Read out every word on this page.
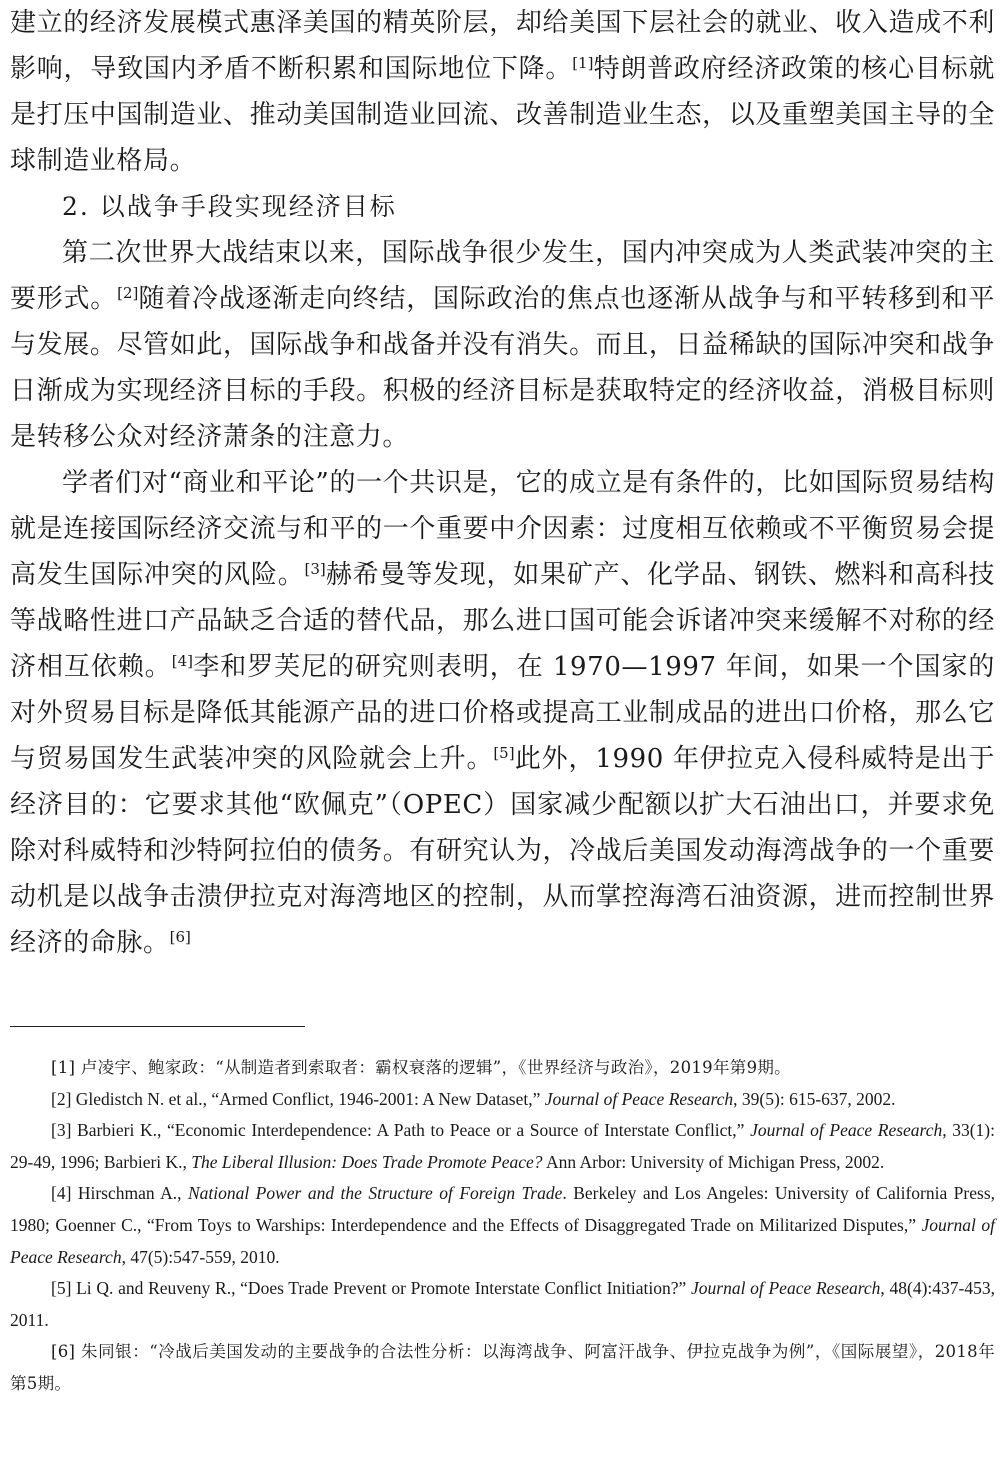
建立的经济发展模式惠泽美国的精英阶层，却给美国下层社会的就业、收入造成不利影响，导致国内矛盾不断积累和国际地位下降。[1]特朗普政府经济政策的核心目标就是打压中国制造业、推动美国制造业回流、改善制造业生态，以及重塑美国主导的全球制造业格局。

2. 以战争手段实现经济目标

第二次世界大战结束以来，国际战争很少发生，国内冲突成为人类武装冲突的主要形式。[2]随着冷战逐渐走向终结，国际政治的焦点也逐渐从战争与和平转移到和平与发展。尽管如此，国际战争和战备并没有消失。而且，日益稀缺的国际冲突和战争日渐成为实现经济目标的手段。积极的经济目标是获取特定的经济收益，消极目标则是转移公众对经济萧条的注意力。

学者们对“商业和平论”的一个共识是，它的成立是有条件的，比如国际贸易结构就是连接国际经济交流与和平的一个重要中介因素：过度相互依赖或不平衡贸易会提高发生国际冲突的风险。[3]赫希曼等发现，如果矿产、化学品、钢铁、燃料和高科技等战略性进口产品缺乏合适的替代品，那么进口国可能会诉诸冲突来缓解不对称的经济相互依赖。[4]李和罗芙尼的研究则表明，在 1970—1997 年间，如果一个国家的对外贸易目标是降低其能源产品的进口价格或提高工业制成品的进出口价格，那么它与贸易国发生武装冲突的风险就会上升。[5]此外，1990 年伊拉克入侵科威特是出于经济目的：它要求其他“欧佩克”（OPEC）国家减少配额以扩大石油出口，并要求免除对科威特和沙特阿拉伯的债务。有研究认为，冷战后美国发动海湾战争的一个重要动机是以战争击溃伊拉克对海湾地区的控制，从而掌控海湾石油资源，进而控制世界经济的命脉。[6]

[1] 卢凌宇、鲍家政：“从制造者到索取者：霸权衰落的逻辑”，《世界经济与政治》，2019年第9期。

[2] Gledistch N. et al., “Armed Conflict, 1946-2001: A New Dataset,” Journal of Peace Research, 39(5): 615-637, 2002.

[3] Barbieri K., “Economic Interdependence: A Path to Peace or a Source of Interstate Conflict,” Journal of Peace Research, 33(1): 29-49, 1996; Barbieri K., The Liberal Illusion: Does Trade Promote Peace? Ann Arbor: University of Michigan Press, 2002.

[4] Hirschman A., National Power and the Structure of Foreign Trade. Berkeley and Los Angeles: University of California Press, 1980; Goenner C., “From Toys to Warships: Interdependence and the Effects of Disaggregated Trade on Militarized Disputes,” Journal of Peace Research, 47(5):547-559, 2010.

[5] Li Q. and Reuveny R., “Does Trade Prevent or Promote Interstate Conflict Initiation?” Journal of Peace Research, 48(4):437-453, 2011.

[6] 朱同银：“冷战后美国发动的主要战争的合法性分析：以海湾战争、阿富汗战争、伊拉克战争为例”，《国际展望》，2018年第5期。
